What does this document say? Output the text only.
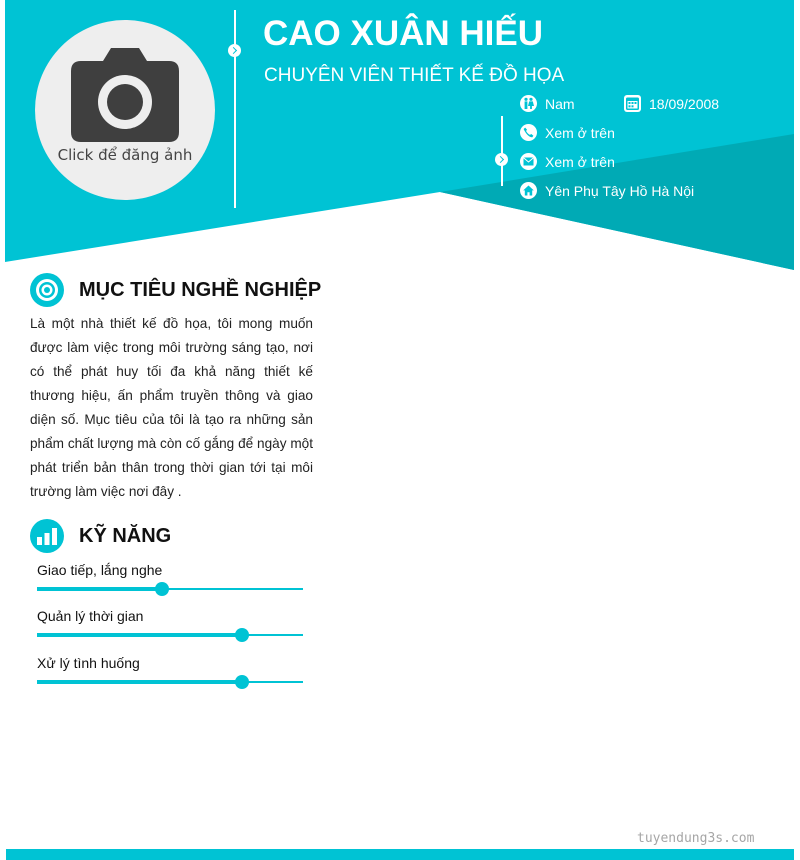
Click để đăng ảnh
CAO XUÂN HIẾU
CHUYÊN VIÊN THIẾT KẾ ĐỒ HỌA
Nam	18/09/2008
Xem ở trên
Xem ở trên
Yên Phụ Tây Hồ Hà Nội
MỤC TIÊU NGHỀ NGHIỆP

Là một nhà thiết kế đồ họa, tôi mong muốn được làm việc trong môi trường sáng tạo, nơi có thể phát huy tối đa khả năng thiết kế thương hiệu, ấn phẩm truyền thông và giao diện số. Mục tiêu của tôi là tạo ra những sản phẩm chất lượng mà còn cố gắng để ngày một phát triển bản thân trong thời gian tới tại môi trường làm việc nơi đây .

KỸ NĂNG
Giao tiếp, lắng nghe
Quản lý thời gian
Xử lý tình huống
tuyendung3s.com
